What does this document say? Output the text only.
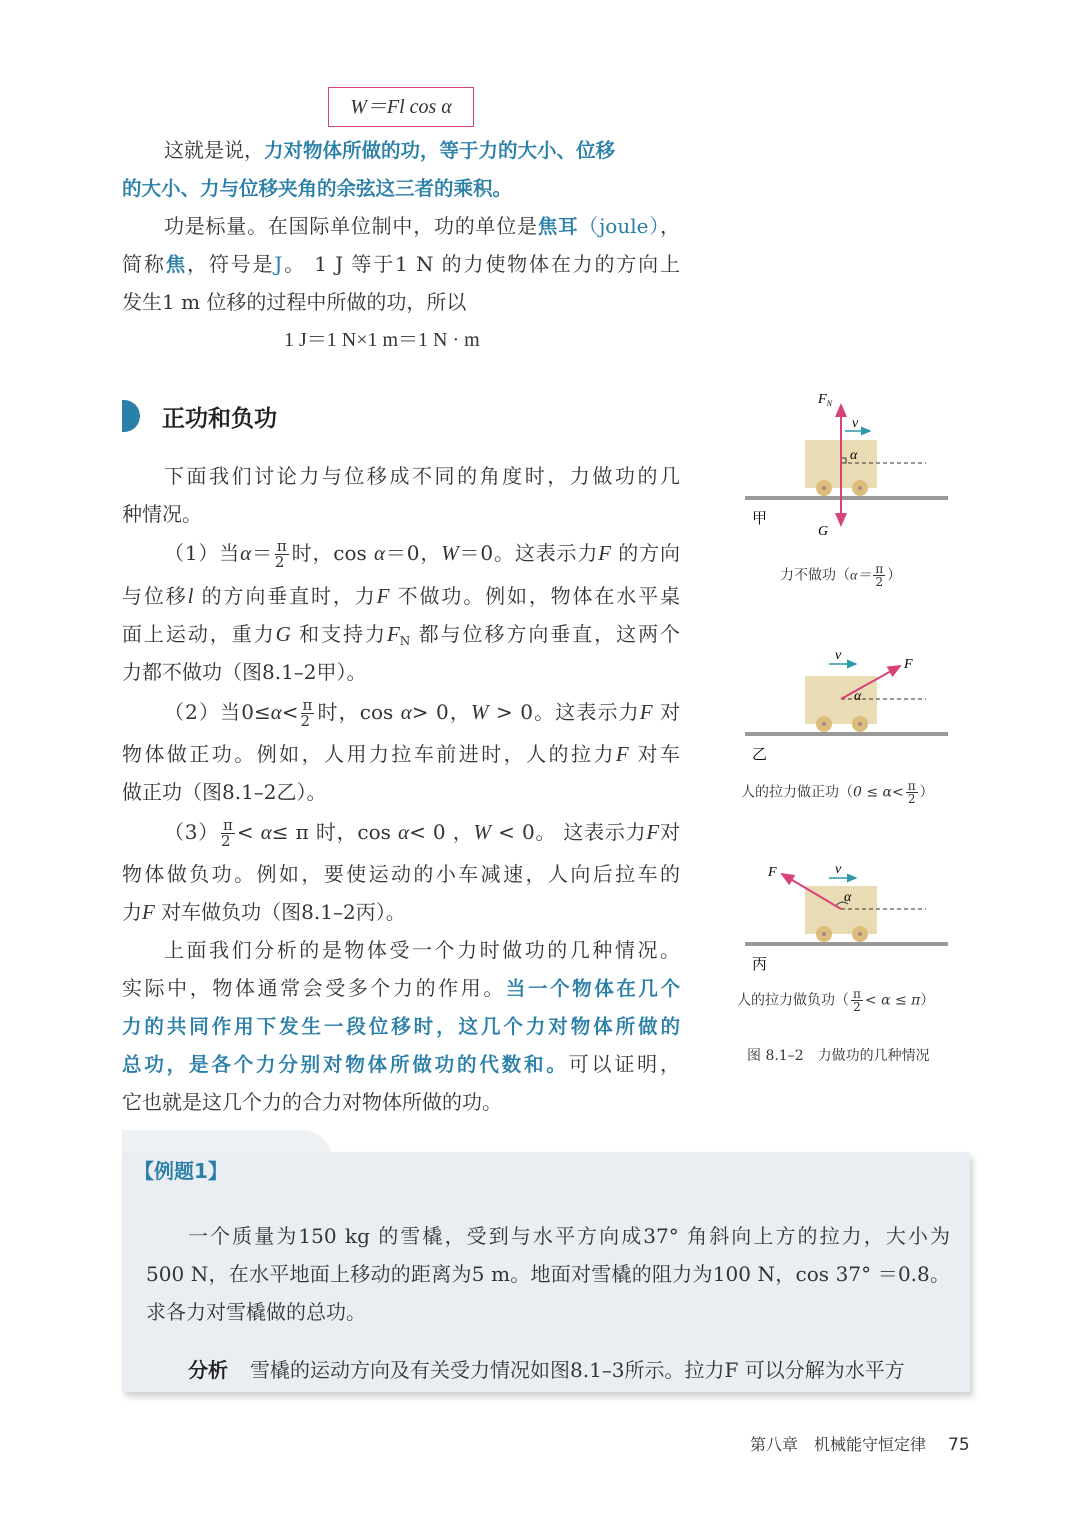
W＝Fl cos α
这就是说，力对物体所做的功，等于力的大小、位移
的大小、力与位移夹角的余弦这三者的乘积。
功是标量。在国际单位制中，功的单位是焦耳（joule），
简称焦，符号是J。 1 J 等于1 N 的力使物体在力的方向上
发生1 m 位移的过程中所做的功，所以
1 J＝1 N×1 m＝1 N · m
正功和负功
下面我们讨论力与位移成不同的角度时，力做功的几
种情况。
（1）当$\alpha= \frac{\pi}{2}$ 时，cos α＝0，W＝0。这表示力F 的方向
与位移l 的方向垂直时，力F 不做功。例如，物体在水平桌
面上运动，重力G 和支持力$F_N$ 都与位移方向垂直，这两个
力都不做功（图8.1–2甲）。
（2）当$0\le\alpha< \frac{\pi}{2}$ 时，cos α> 0，W > 0。这表示力F 对
物体做正功。例如，人用力拉车前进时，人的拉力F 对车
做正功（图8.1–2乙）。
$(3) \frac{\pi}{2} < \alpha\le \pi$ 时，cos α< 0 ，W < 0。 这表示力F对
物体做负功。例如，要使运动的小车减速，人向后拉车的
力F 对车做负功（图8.1–2丙）。
上面我们分析的是物体受一个力时做功的几种情况。
实际中，物体通常会受多个力的作用。当一个物体在几个
力的共同作用下发生一段位移时，这几个力对物体所做的
总功，是各个力分别对物体所做功的代数和。可以证明，
它也就是这几个力的合力对物体所做的功。
$F_N$
v
α
G
甲
v
F
α
乙
v
F
α
丙
力不做功（$\alpha= \frac{\pi}{2}$ ）
人的拉力做正功（$0 \le \alpha< \frac{\pi}{2}$ ）
人的拉力做负功（ $\frac{\pi}{2} < \alpha \le \pi$）
图 8.1–2　力做功的几种情况
【例题1】
一个质量为150 kg 的雪橇，受到与水平方向成37° 角斜向上方的拉力，大小为
500 N，在水平地面上移动的距离为5 m。地面对雪橇的阻力为100 N，cos 37° ＝0.8。
求各力对雪橇做的总功。
分析 雪橇的运动方向及有关受力情况如图8.1–3所示。拉力F 可以分解为水平方
第八章　机械能守恒定律 75
